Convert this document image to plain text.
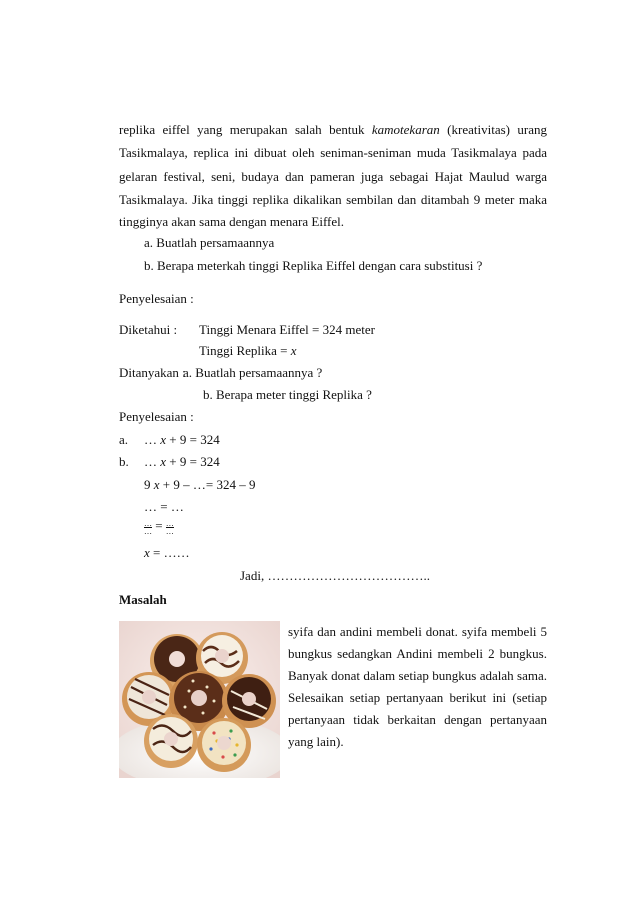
replika eiffel yang merupakan salah bentuk kamotekaran (kreativitas) urang
Tasikmalaya, replica ini dibuat oleh seniman-seniman muda Tasikmalaya pada
gelaran festival, seni, budaya dan pameran juga sebagai Hajat Maulud warga
Tasikmalaya. Jika tinggi replika dikalikan sembilan dan ditambah 9 meter maka
tingginya akan sama dengan menara Eiffel.
a. Buatlah persamaannya
b. Berapa meterkah tinggi Replika Eiffel dengan cara substitusi ?
Penyelesaian :
Diketahui : Tinggi Menara Eiffel = 324 meter
Tinggi Replika = x
Ditanyakan :
a. Buatlah persamaannya ?
b. Berapa meter tinggi Replika ?
Penyelesaian :
a. … x + 9 = 324
b. … x + 9 = 324
9 x + 9 – …= 324 – 9
… = …
$\frac{\dots}{\dots} = \frac{\dots}{\dots}$
x = ……
Jadi, ………………………………..
Masalah
syifa dan andini membeli donat. syifa membeli 5
bungkus sedangkan Andini membeli 2 bungkus.
Banyak donat dalam setiap bungkus adalah sama.
Selesaikan setiap pertanyaan berikut ini (setiap
pertanyaan tidak berkaitan dengan pertanyaan
yang lain).
